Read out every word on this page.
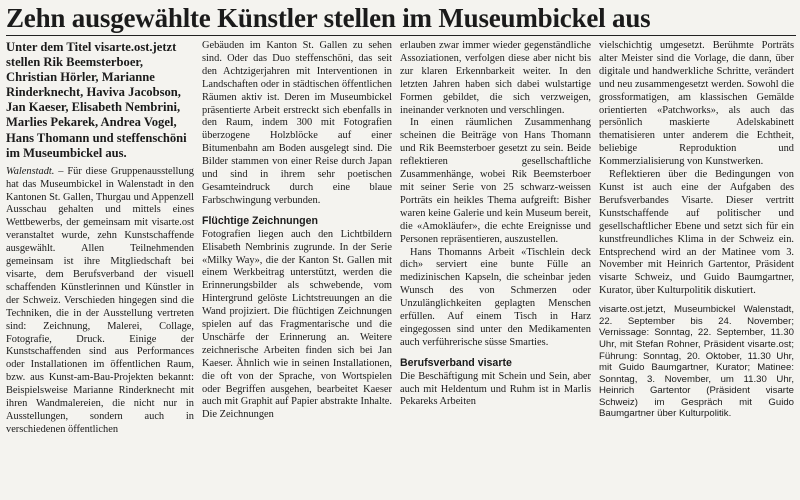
Zehn ausgewählte Künstler stellen im Museumbickel aus

Unter dem Titel visarte.ost.jetzt stellen Rik Beemsterboer, Christian Hörler, Marianne Rinderknecht, Haviva Jacobson, Jan Kaeser, Elisabeth Nembrini, Marlies Pekarek, Andrea Vogel, Hans Thomann und steffenschöni im Museumbickel aus.

Walenstadt. – Für diese Gruppenausstellung hat das Museumbickel in Walenstadt in den Kantonen St. Gallen, Thurgau und Appenzell Ausschau gehalten und mittels eines Wettbewerbs, der gemeinsam mit visarte.ost veranstaltet wurde, zehn Kunstschaffende ausgewählt. Allen Teilnehmenden gemeinsam ist ihre Mitgliedschaft bei visarte, dem Berufsverband der visuell schaffenden Künstlerinnen und Künstler in der Schweiz. Verschieden hingegen sind die Techniken, die in der Ausstellung vertreten sind: Zeichnung, Malerei, Collage, Fotografie, Druck. Einige der Kunstschaffenden sind aus Performances oder Installationen im öffentlichen Raum, bzw. aus Kunst-am-Bau-Projekten bekannt: Beispielsweise Marianne Rinderknecht mit ihren Wandmalereien, die nicht nur in Ausstellungen, sondern auch in verschiedenen öffentlichen

Gebäuden im Kanton St. Gallen zu sehen sind. Oder das Duo steffenschöni, das seit den Achtzigerjahren mit Interventionen in Landschaften oder in städtischen öffentlichen Räumen aktiv ist. Deren im Museumbickel präsentierte Arbeit erstreckt sich ebenfalls in den Raum, indem 300 mit Fotografien überzogene Holzblöcke auf einer Bitumenbahn am Boden ausgelegt sind. Die Bilder stammen von einer Reise durch Japan und sind in ihrem sehr poetischen Gesamteindruck durch eine blaue Farbschwingung verbunden.

Flüchtige Zeichnungen

Fotografien liegen auch den Lichtbildern Elisabeth Nembrinis zugrunde. In der Serie «Milky Way», die der Kanton St. Gallen mit einem Werkbeitrag unterstützt, werden die Erinnerungsbilder als schwebende, vom Hintergrund gelöste Lichtstreuungen an die Wand projiziert. Die flüchtigen Zeichnungen spielen auf das Fragmentarische und die Unschärfe der Erinnerung an. Weitere zeichnerische Arbeiten finden sich bei Jan Kaeser. Ähnlich wie in seinen Installationen, die oft von der Sprache, von Wortspielen oder Begriffen ausgehen, bearbeitet Kaeser auch mit Graphit auf Papier abstrakte Inhalte. Die Zeichnungen

erlauben zwar immer wieder gegenständliche Assoziationen, verfolgen diese aber nicht bis zur klaren Erkennbarkeit weiter. In den letzten Jahren haben sich dabei wulstartige Formen gebildet, die sich verzweigen, ineinander verknoten und verschlingen.

In einen räumlichen Zusammenhang scheinen die Beiträge von Hans Thomann und Rik Beemsterboer gesetzt zu sein. Beide reflektieren gesellschaftliche Zusammenhänge, wobei Rik Beemsterboer mit seiner Serie von 25 schwarz-weissen Porträts ein heikles Thema aufgreift: Bisher waren keine Galerie und kein Museum bereit, die «Amokläufer», die echte Ereignisse und Personen repräsentieren, auszustellen.

Hans Thomanns Arbeit «Tischlein deck dich» serviert eine bunte Fülle an medizinischen Kapseln, die scheinbar jeden Wunsch des von Schmerzen oder Unzulänglichkeiten geplagten Menschen erfüllen. Auf einem Tisch in Harz eingegossen sind unter den Medikamenten auch verführerische süsse Smarties.

Berufsverband visarte

Die Beschäftigung mit Schein und Sein, aber auch mit Heldentum und Ruhm ist in Marlis Pekareks Arbeiten

vielschichtig umgesetzt. Berühmte Porträts alter Meister sind die Vorlage, die dann, über digitale und handwerkliche Schritte, verändert und neu zusammengesetzt werden. Sowohl die grossformatigen, am klassischen Gemälde orientierten «Patchworks», als auch das persönlich maskierte Adelskabinett thematisieren unter anderem die Echtheit, beliebige Reproduktion und Kommerzialisierung von Kunstwerken.

Reflektieren über die Bedingungen von Kunst ist auch eine der Aufgaben des Berufsverbandes Visarte. Dieser vertritt Kunstschaffende auf politischer und gesellschaftlicher Ebene und setzt sich für ein kunstfreundliches Klima in der Schweiz ein. Entsprechend wird an der Matinee vom 3. November mit Heinrich Gartentor, Präsident visarte Schweiz, und Guido Baumgartner, Kurator, über Kulturpolitik diskutiert.

visarte.ost.jetzt, Museumbickel Walenstadt, 22. September bis 24. November; Vernissage: Sonntag, 22. September, 11.30 Uhr, mit Stefan Rohner, Präsident visarte.ost; Führung: Sonntag, 20. Oktober, 11.30 Uhr, mit Guido Baumgartner, Kurator; Matinee: Sonntag, 3. November, um 11.30 Uhr, Heinrich Gartentor (Präsident visarte Schweiz) im Gespräch mit Guido Baumgartner über Kulturpolitik.
